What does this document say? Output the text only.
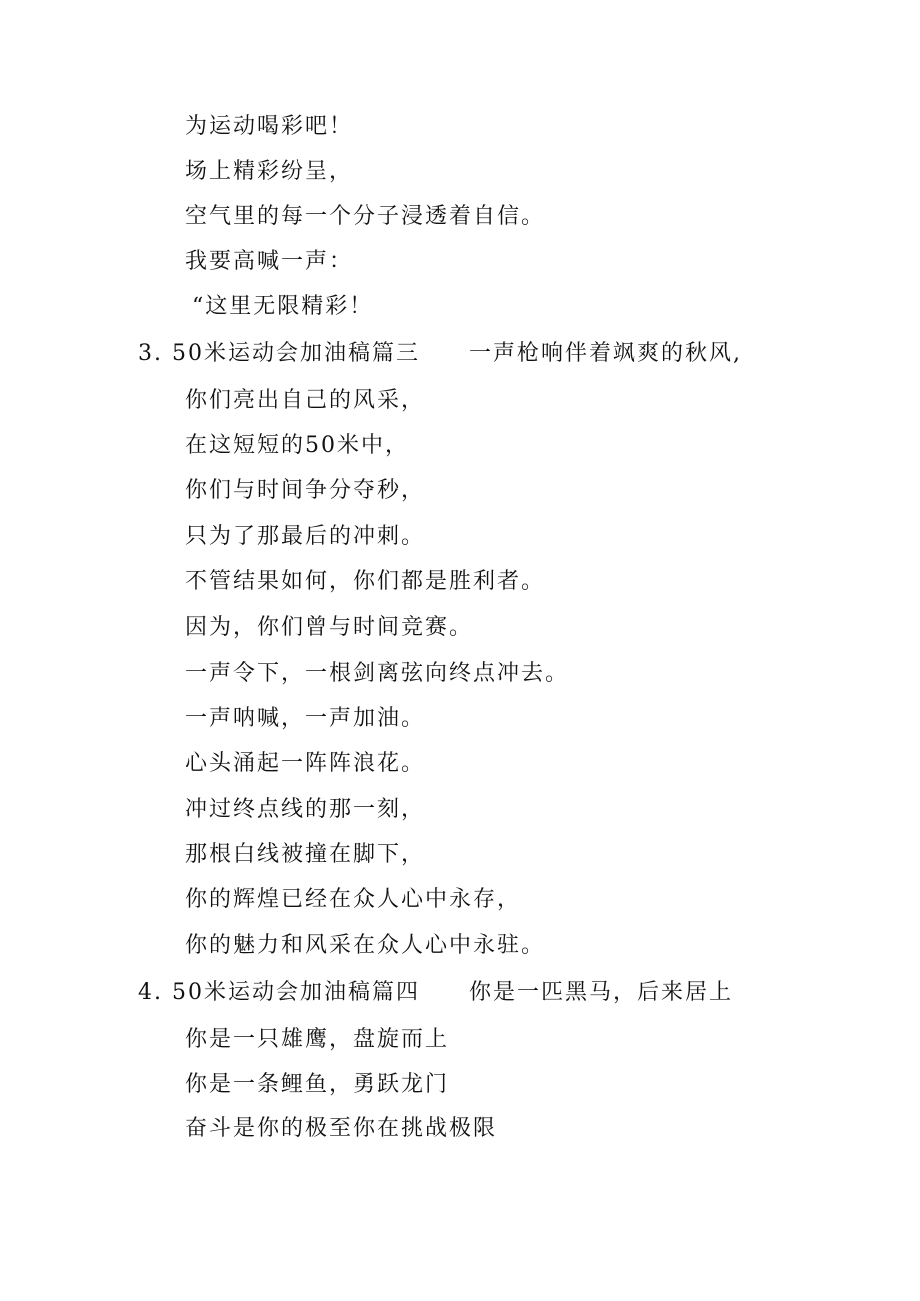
为运动喝彩吧！
场上精彩纷呈，
空气里的每一个分子浸透着自信。
我要高喊一声：
“这里无限精彩！
3. 50米运动会加油稿篇三 一声枪响伴着飒爽的秋风,
你们亮出自己的风采，
在这短短的50米中，
你们与时间争分夺秒，
只为了那最后的冲刺。
不管结果如何，你们都是胜利者。
因为，你们曾与时间竞赛。
一声令下，一根剑离弦向终点冲去。
一声呐喊，一声加油。
心头涌起一阵阵浪花。
冲过终点线的那一刻，
那根白线被撞在脚下，
你的辉煌已经在众人心中永存，
你的魅力和风采在众人心中永驻。
4. 50米运动会加油稿篇四 你是一匹黑马，后来居上
你是一只雄鹰，盘旋而上
你是一条鲤鱼，勇跃龙门
奋斗是你的极至你在挑战极限
